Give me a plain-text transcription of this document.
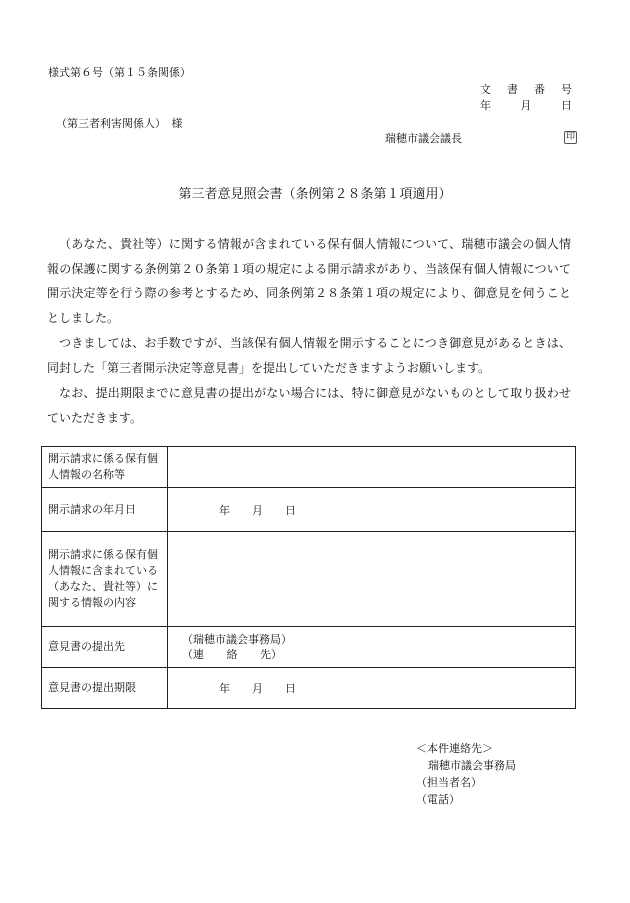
様式第６号（第１５条関係）
文書番号
年	月	日
（第三者利害関係人）　様
瑞穂市議会議長	印
第三者意見照会書（条例第２８条第１項適用）
（あなた、貴社等）に関する情報が含まれている保有個人情報について、瑞穂市議会の個人情報の保護に関する条例第２０条第１項の規定による開示請求があり、当該保有個人情報について開示決定等を行う際の参考とするため、同条例第２８条第１項の規定により、御意見を伺うこととしました。
つきましては、お手数ですが、当該保有個人情報を開示することにつき御意見があるときは、同封した「第三者開示決定等意見書」を提出していただきますようお願いします。
なお、提出期限までに意見書の提出がない場合には、特に御意見がないものとして取り扱わせていただきます。
開示請求に係る保有個人情報の名称等	
開示請求の年月日	年 月 日

開示請求に係る保有個人情報に含まれている（あなた、貴社等）に関する情報の内容	
意見書の提出先	（瑞穂市議会事務局）
（連 絡 先）

意見書の提出期限	年 月 日
＜本件連絡先＞
瑞穂市議会事務局
（担当者名）
（電話）
